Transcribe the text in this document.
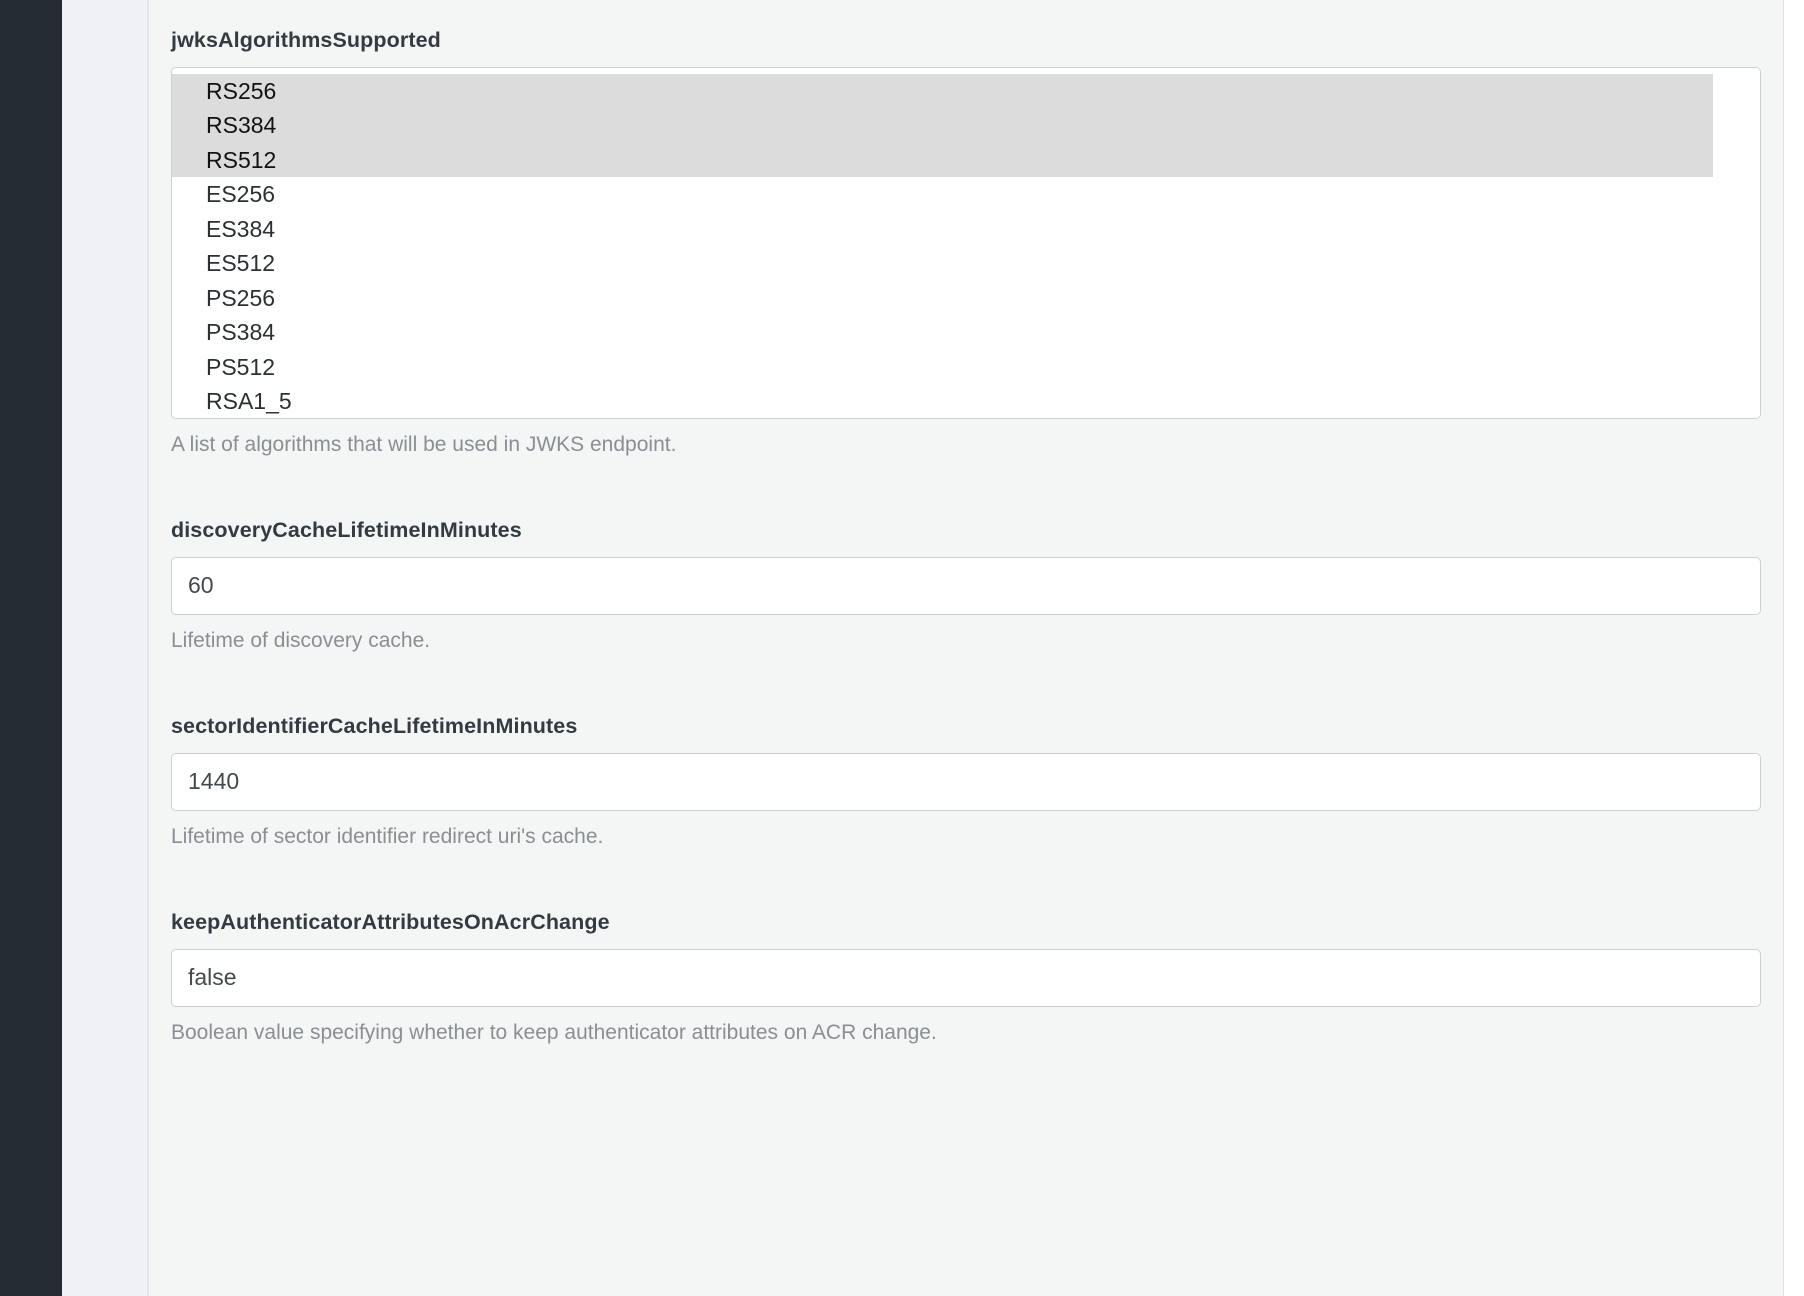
jwksAlgorithmsSupported
RS256
RS384
RS512
ES256
ES384
ES512
PS256
PS384
PS512
RSA1_5
A list of algorithms that will be used in JWKS endpoint.
discoveryCacheLifetimeInMinutes
60
Lifetime of discovery cache.
sectorIdentifierCacheLifetimeInMinutes
1440
Lifetime of sector identifier redirect uri's cache.
keepAuthenticatorAttributesOnAcrChange
false
Boolean value specifying whether to keep authenticator attributes on ACR change.
